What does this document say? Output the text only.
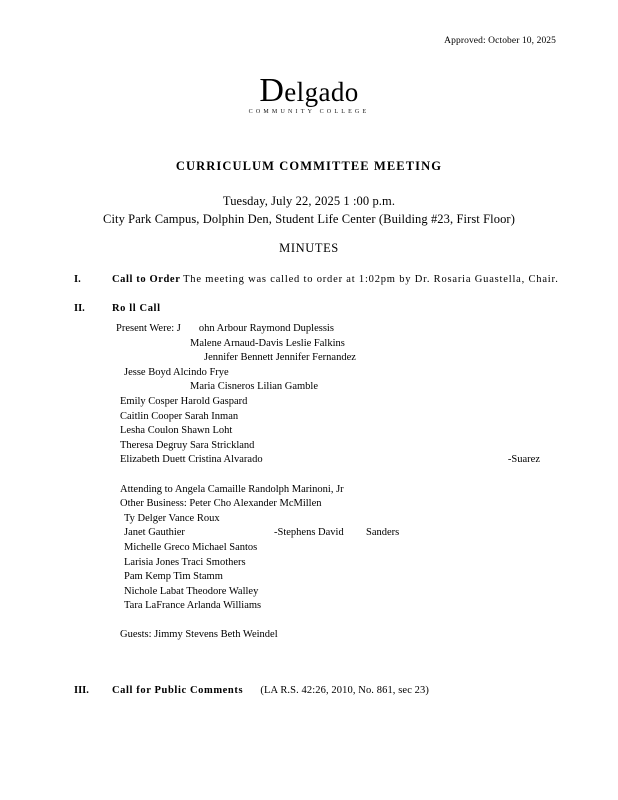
Approved: October 10, 2025
Delgado
COMMUNITY COLLEGE
CURRICULUM COMMITTEE MEETING
Tuesday, July 22, 2025 1 :00 p.m.
City Park Campus, Dolphin Den, Student Life Center (Building #23, First Floor)
MINUTES
I.	Call to Order The meeting was called to order at 1:02pm by Dr. Rosaria Guastella, Chair.
II.	Ro ll Call
Present Were: J ohn Arbour Raymond Duplessis
Malene Arnaud-Davis Leslie Falkins
Jennifer Bennett Jennifer Fernandez
Jesse Boyd Alcindo Frye
Maria Cisneros Lilian Gamble
Emily Cosper Harold Gaspard
Caitlin Cooper Sarah Inman
Lesha Coulon Shawn Loht
Theresa Degruy Sara Strickland
Elizabeth Duett Cristina Alvarado	-Suarez
Attending to Angela Camaille Randolph Marinoni, Jr
Other Business: Peter Cho Alexander McMillen
Ty Delger Vance Roux
Janet Gauthier	-Stephens David	Sanders
Michelle Greco Michael Santos
Larisia Jones Traci Smothers
Pam Kemp Tim Stamm
Nichole Labat Theodore Walley
Tara LaFrance Arlanda Williams
Guests: Jimmy Stevens Beth Weindel
III. Call for Public Comments (LA R.S. 42:26, 2010, No. 861, sec 23)
